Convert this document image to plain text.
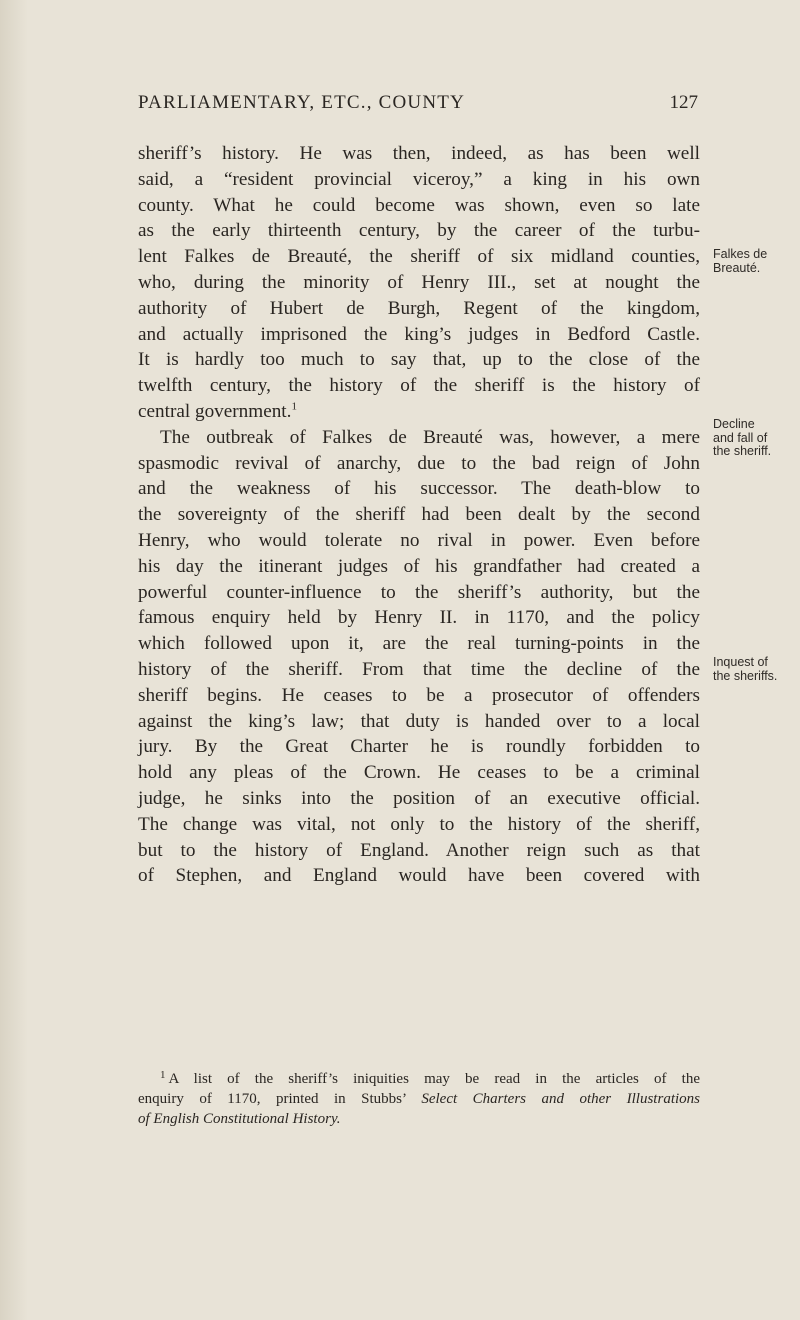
PARLIAMENTARY, ETC., COUNTY	127
sheriff’s history. He was then, indeed, as has been well
said, a “resident provincial viceroy,” a king in his own
county. What he could become was shown, even so late
as the early thirteenth century, by the career of the turbu-
lent Falkes de Breauté, the sheriff of six midland counties,
who, during the minority of Henry III., set at nought the
authority of Hubert de Burgh, Regent of the kingdom,
and actually imprisoned the king’s judges in Bedford Castle.
It is hardly too much to say that, up to the close of the
twelfth century, the history of the sheriff is the history of
central government.$^1$
The outbreak of Falkes de Breauté was, however, a mere
spasmodic revival of anarchy, due to the bad reign of John
and the weakness of his successor. The death-blow to
the sovereignty of the sheriff had been dealt by the second
Henry, who would tolerate no rival in power. Even before
his day the itinerant judges of his grandfather had created a
powerful counter-influence to the sheriff’s authority, but the
famous enquiry held by Henry II. in 1170, and the policy
which followed upon it, are the real turning-points in the
history of the sheriff. From that time the decline of the
sheriff begins. He ceases to be a prosecutor of offenders
against the king’s law; that duty is handed over to a local
jury. By the Great Charter he is roundly forbidden to
hold any pleas of the Crown. He ceases to be a criminal
judge, he sinks into the position of an executive official.
The change was vital, not only to the history of the sheriff,
but to the history of England. Another reign such as that
of Stephen, and England would have been covered with
Falkes de
Breauté.
Decline
and fall of
the sheriff.
Inquest of
the sheriffs.
$^1$ A list of the sheriff’s iniquities may be read in the articles of the
enquiry of 1170, printed in Stubbs’ Select Charters and other Illustrations
of English Constitutional History.
